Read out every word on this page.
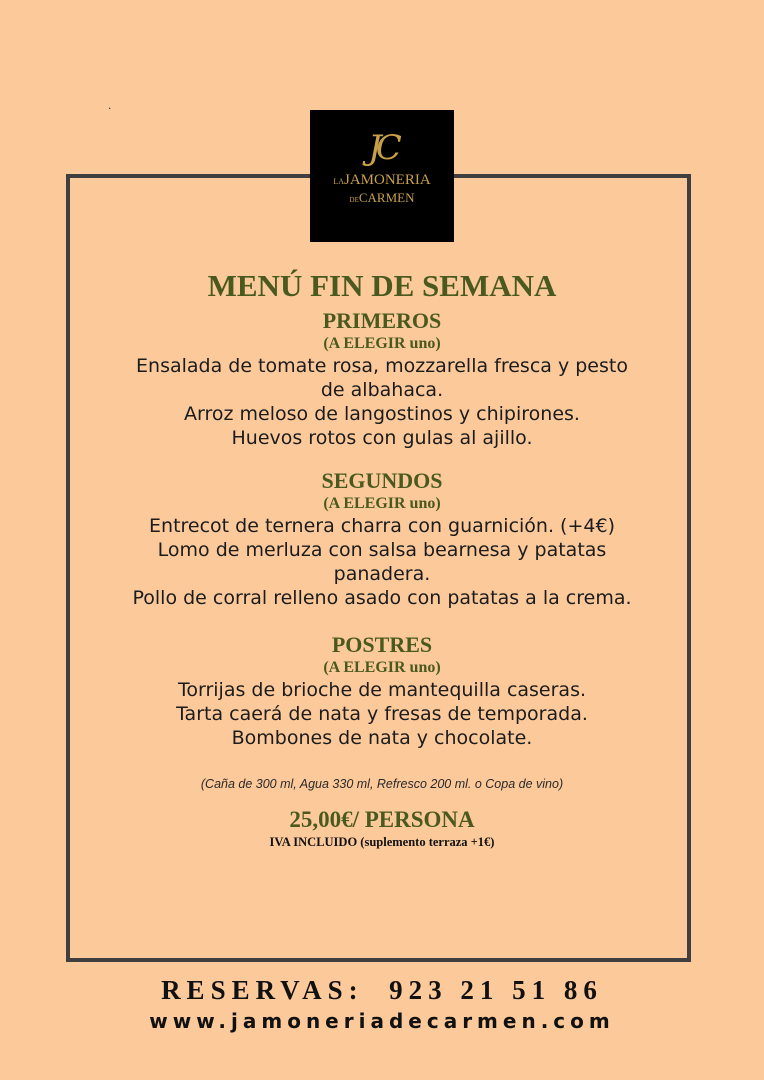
.
JC
LAJAMONERIA
DECARMEN
MENÚ FIN DE SEMANA
PRIMEROS

(A ELEGIR uno)

Ensalada de tomate rosa, mozzarella fresca y pesto de albahaca.

Arroz meloso de langostinos y chipirones.

Huevos rotos con gulas al ajillo.

SEGUNDOS

(A ELEGIR uno)

Entrecot de ternera charra con guarnición. (+4€)

Lomo de merluza con salsa bearnesa y patatas panadera.

Pollo de corral relleno asado con patatas a la crema.

POSTRES

(A ELEGIR uno)

Torrijas de brioche de mantequilla caseras.

Tarta caerá de nata y fresas de temporada.

Bombones de nata y chocolate.

(Caña de 300 ml, Agua 330 ml, Refresco 200 ml. o Copa de vino)

25,00€/ PERSONA

IVA INCLUIDO (suplemento terraza +1€)

RESERVAS:  923 21 51 86
www.jamoneriadecarmen.com
